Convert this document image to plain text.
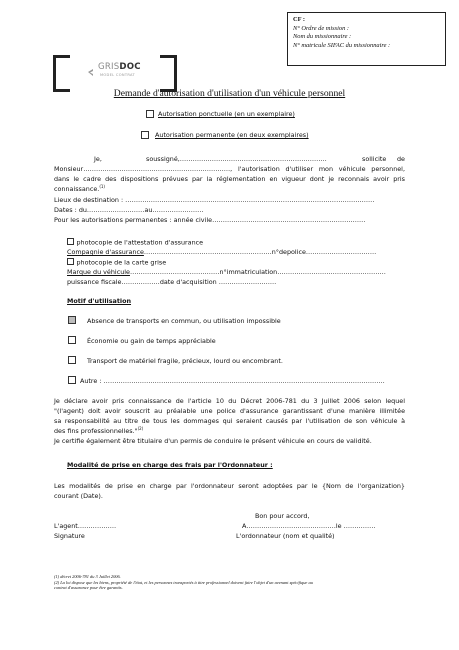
CF :
N° Ordre de mission :
Nom du missionnaire :
N° matricule SIFAC du missionnaire :
GRISDOC
MODEL CONTRAT
Demande d'autorisation d'utilisation d'un véhicule personnel
Autorisation ponctuelle (en un exemplaire)
Autorisation permanente (en deux exemplaires)
Je,	soussigné,……………………………………………………………	sollicite de
Monsieur……………………………………………………………, l'autorisation d'utiliser mon véhicule personnel,
dans le cadre des dispositions prévues par la réglementation en vigueur dont je reconnais avoir pris
connaissance.$^{(1)}$
Lieux de destination : ………………………………………………………………………………………………………
Dates : du………………………au……………………
Pour les autorisations permanentes : année civile………………………………………………………………
photocopie de l'attestation d'assurance
Compagnie d'assurance……………………………………………………n°depolice……………………………
photocopie de la carte grise
Marque du véhicule……………………………………n°immatriculation……………………………………………
puissance fiscale………………date d'acquisition ………………………
Motif d'utilisation
Absence de transports en commun, ou utilisation impossible
Économie ou gain de temps appréciable
Transport de matériel fragile, précieux, lourd ou encombrant.
Autre : ……………………………………………………………………………………………………………………
Je déclare avoir pris connaissance de l'article 10 du Décret 2006-781 du 3 Juillet 2006 selon lequel
"(l'agent) doit avoir souscrit au préalable une police d'assurance garantissant d'une manière illimitée
sa responsabilité au titre de tous les dommages qui seraient causés par l'utilisation de son véhicule à
des fins professionnelles."$^{(2)}$
Je certifie également être titulaire d'un permis de conduire le présent véhicule en cours de validité.
Modalité de prise en charge des frais par l'Ordonnateur :
Les modalités de prise en charge par l'ordonnateur seront adoptées par le {Nom de l'organization}
courant (Date).
Bon pour accord,
L'agent………………	A……………………………………le ……………
Signature	L'ordonnateur (nom et qualité)
(1) décret 2006-781 du 3 Juillet 2006.
(2) La loi dispose que les biens, propriété de l'état, et les personnes transportés à titre professionnel doivent faire l'objet d'un avenant spécifique au
contrat d'assurance pour être garantis.
